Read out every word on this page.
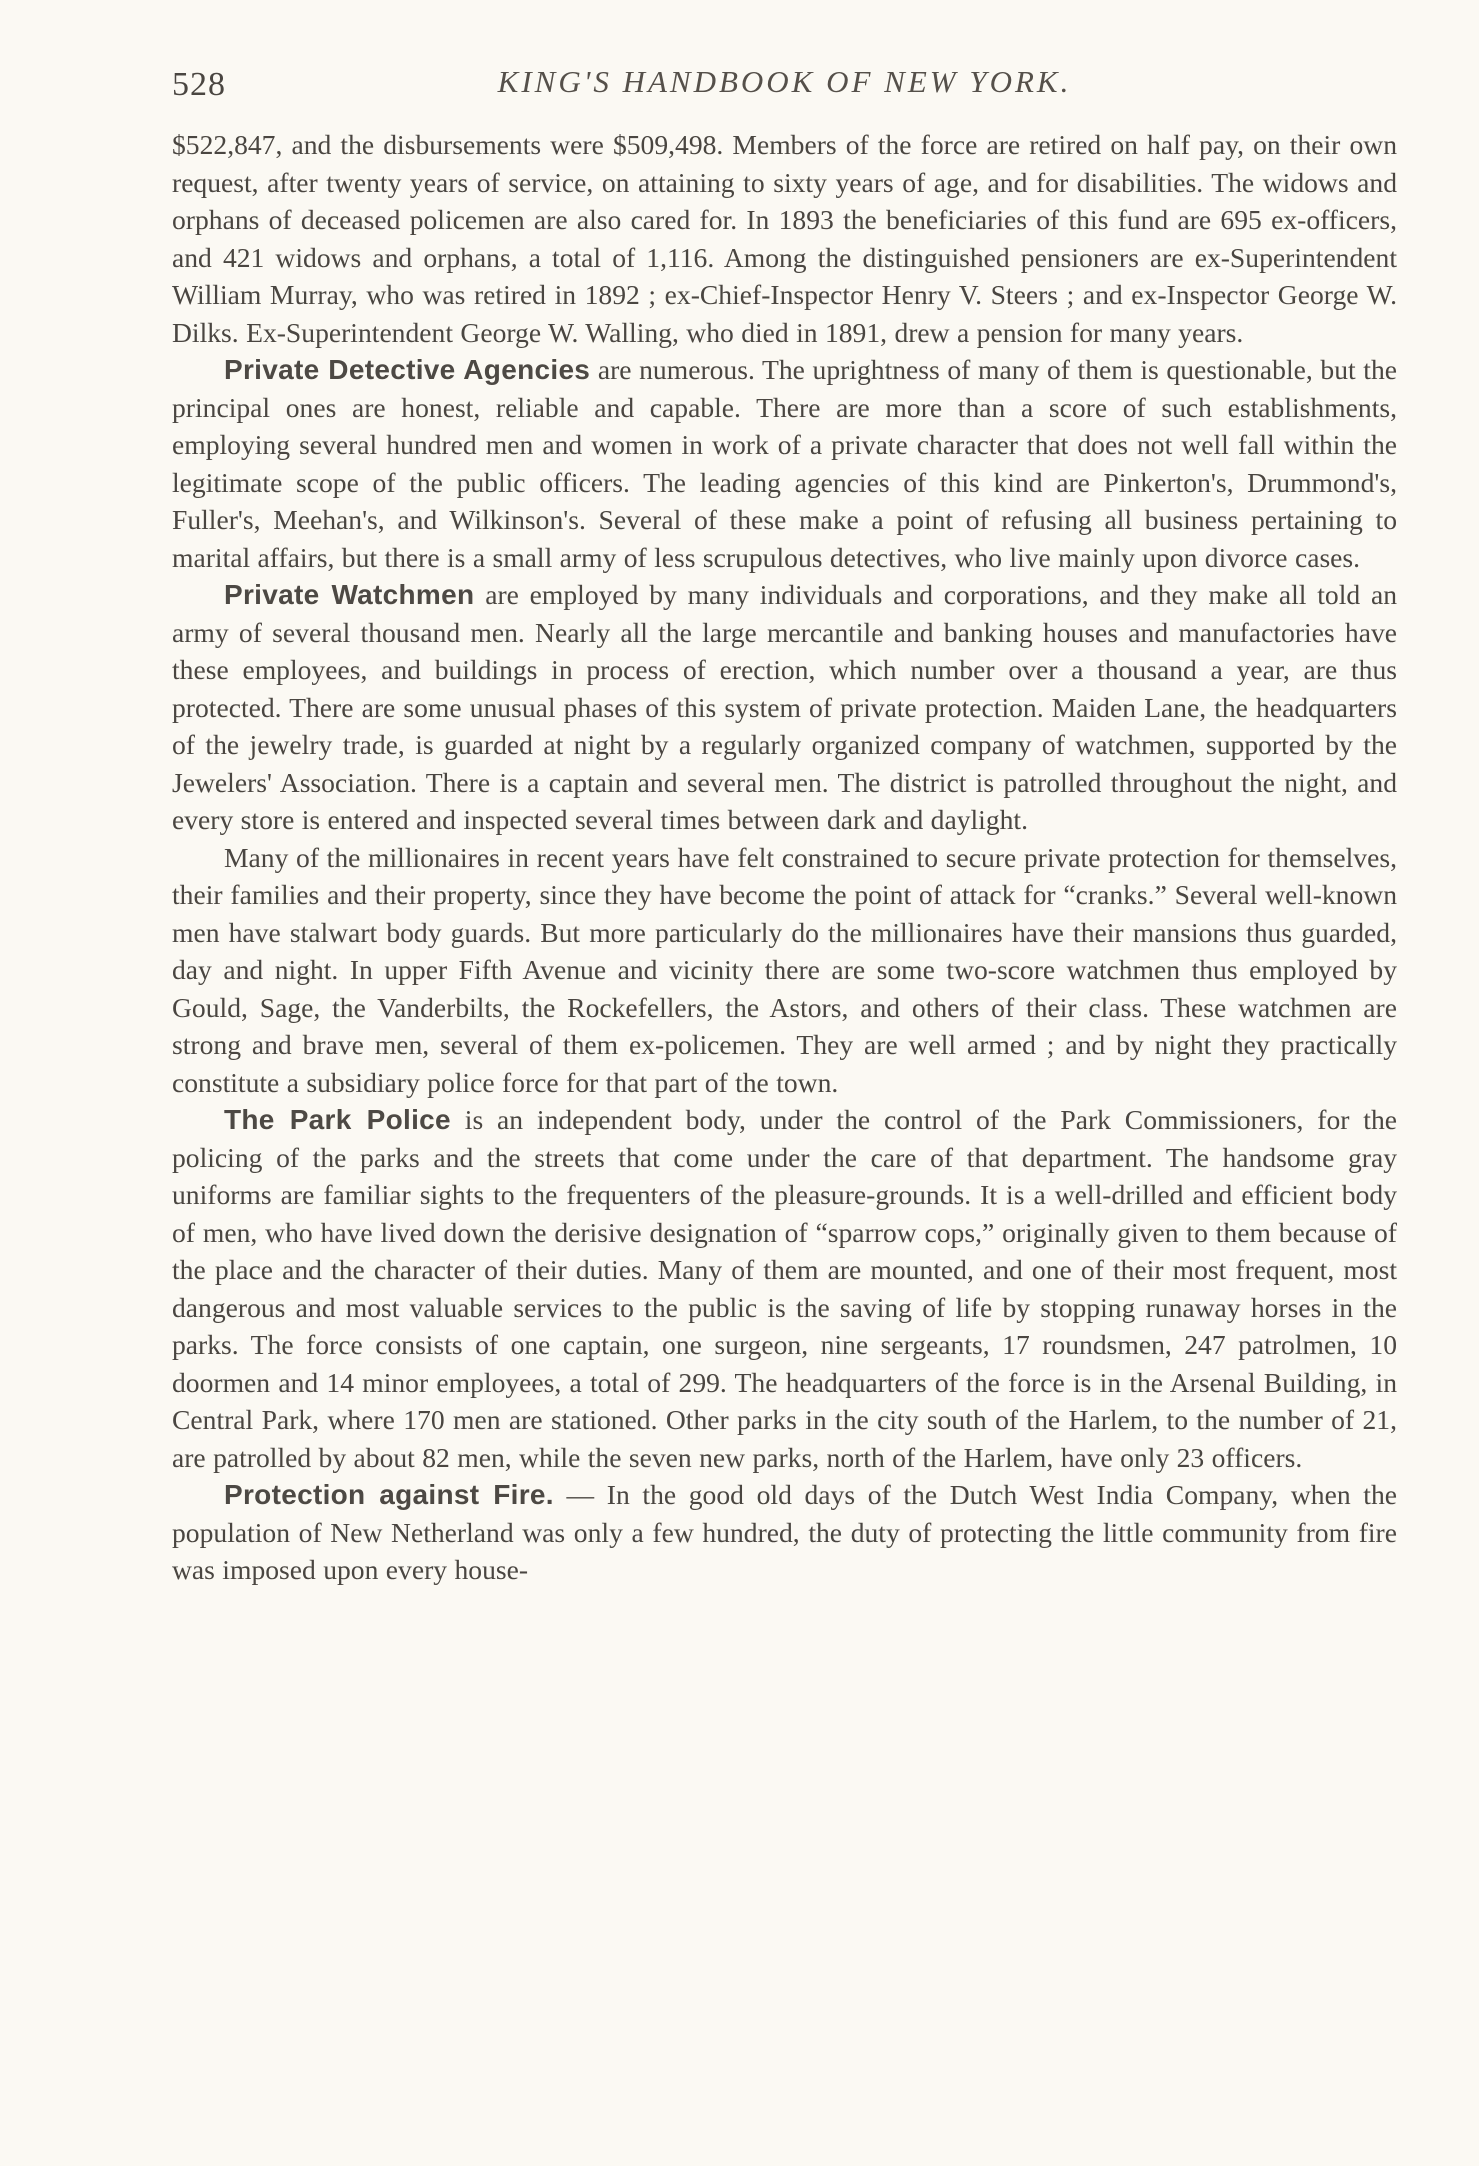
528	KING'S HANDBOOK OF NEW YORK.

$522,847, and the disbursements were $509,498. Members of the force are retired on half pay, on their own request, after twenty years of service, on attaining to sixty years of age, and for disabilities. The widows and orphans of deceased policemen are also cared for. In 1893 the beneficiaries of this fund are 695 ex-officers, and 421 widows and orphans, a total of 1,116. Among the distinguished pensioners are ex-Superintendent William Murray, who was retired in 1892 ; ex-Chief-Inspector Henry V. Steers ; and ex-Inspector George W. Dilks. Ex-Superintendent George W. Walling, who died in 1891, drew a pension for many years.

Private Detective Agencies are numerous. The uprightness of many of them is questionable, but the principal ones are honest, reliable and capable. There are more than a score of such establishments, employing several hundred men and women in work of a private character that does not well fall within the legitimate scope of the public officers. The leading agencies of this kind are Pinkerton's, Drummond's, Fuller's, Meehan's, and Wilkinson's. Several of these make a point of refusing all business pertaining to marital affairs, but there is a small army of less scrupulous detectives, who live mainly upon divorce cases.

Private Watchmen are employed by many individuals and corporations, and they make all told an army of several thousand men. Nearly all the large mercantile and banking houses and manufactories have these employees, and buildings in process of erection, which number over a thousand a year, are thus protected. There are some unusual phases of this system of private protection. Maiden Lane, the headquarters of the jewelry trade, is guarded at night by a regularly organized company of watchmen, supported by the Jewelers' Association. There is a captain and several men. The district is patrolled throughout the night, and every store is entered and inspected several times between dark and daylight.

Many of the millionaires in recent years have felt constrained to secure private protection for themselves, their families and their property, since they have become the point of attack for “cranks.” Several well-known men have stalwart body guards. But more particularly do the millionaires have their mansions thus guarded, day and night. In upper Fifth Avenue and vicinity there are some two-score watchmen thus employed by Gould, Sage, the Vanderbilts, the Rockefellers, the Astors, and others of their class. These watchmen are strong and brave men, several of them ex-policemen. They are well armed ; and by night they practically constitute a subsidiary police force for that part of the town.

The Park Police is an independent body, under the control of the Park Commissioners, for the policing of the parks and the streets that come under the care of that department. The handsome gray uniforms are familiar sights to the frequenters of the pleasure-grounds. It is a well-drilled and efficient body of men, who have lived down the derisive designation of “sparrow cops,” originally given to them because of the place and the character of their duties. Many of them are mounted, and one of their most frequent, most dangerous and most valuable services to the public is the saving of life by stopping runaway horses in the parks. The force consists of one captain, one surgeon, nine sergeants, 17 roundsmen, 247 patrolmen, 10 doormen and 14 minor employees, a total of 299. The headquarters of the force is in the Arsenal Building, in Central Park, where 170 men are stationed. Other parks in the city south of the Harlem, to the number of 21, are patrolled by about 82 men, while the seven new parks, north of the Harlem, have only 23 officers.

Protection against Fire. — In the good old days of the Dutch West India Company, when the population of New Netherland was only a few hundred, the duty of protecting the little community from fire was imposed upon every house-
